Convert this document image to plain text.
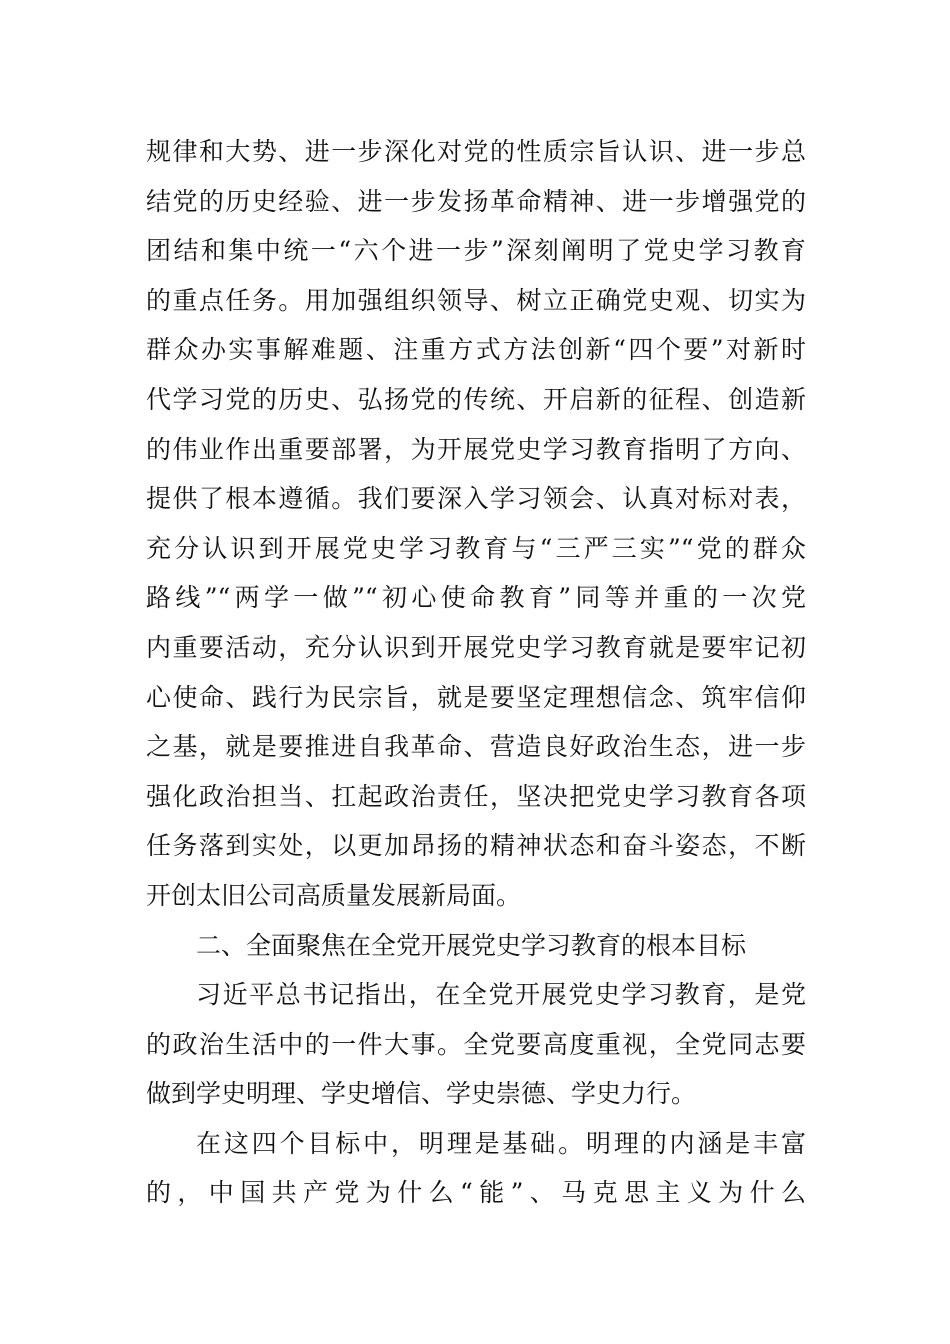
规律和大势、进一步深化对党的性质宗旨认识、进一步总
结党的历史经验、进一步发扬革命精神、进一步增强党的
团结和集中统一“六个进一步”深刻阐明了党史学习教育
的重点任务。用加强组织领导、树立正确党史观、切实为
群众办实事解难题、注重方式方法创新“四个要”对新时
代学习党的历史、弘扬党的传统、开启新的征程、创造新
的伟业作出重要部署，为开展党史学习教育指明了方向、
提供了根本遵循。我们要深入学习领会、认真对标对表，
充分认识到开展党史学习教育与“三严三实”“党的群众
路线”“两学一做”“初心使命教育”同等并重的一次党
内重要活动，充分认识到开展党史学习教育就是要牢记初
心使命、践行为民宗旨，就是要坚定理想信念、筑牢信仰
之基，就是要推进自我革命、营造良好政治生态，进一步
强化政治担当、扛起政治责任，坚决把党史学习教育各项
任务落到实处，以更加昂扬的精神状态和奋斗姿态，不断
开创太旧公司高质量发展新局面。
二、全面聚焦在全党开展党史学习教育的根本目标
习近平总书记指出，在全党开展党史学习教育，是党
的政治生活中的一件大事。全党要高度重视，全党同志要
做到学史明理、学史增信、学史崇德、学史力行。
在这四个目标中，明理是基础。明理的内涵是丰富
的，中国共产党为什么“能”、马克思主义为什么
